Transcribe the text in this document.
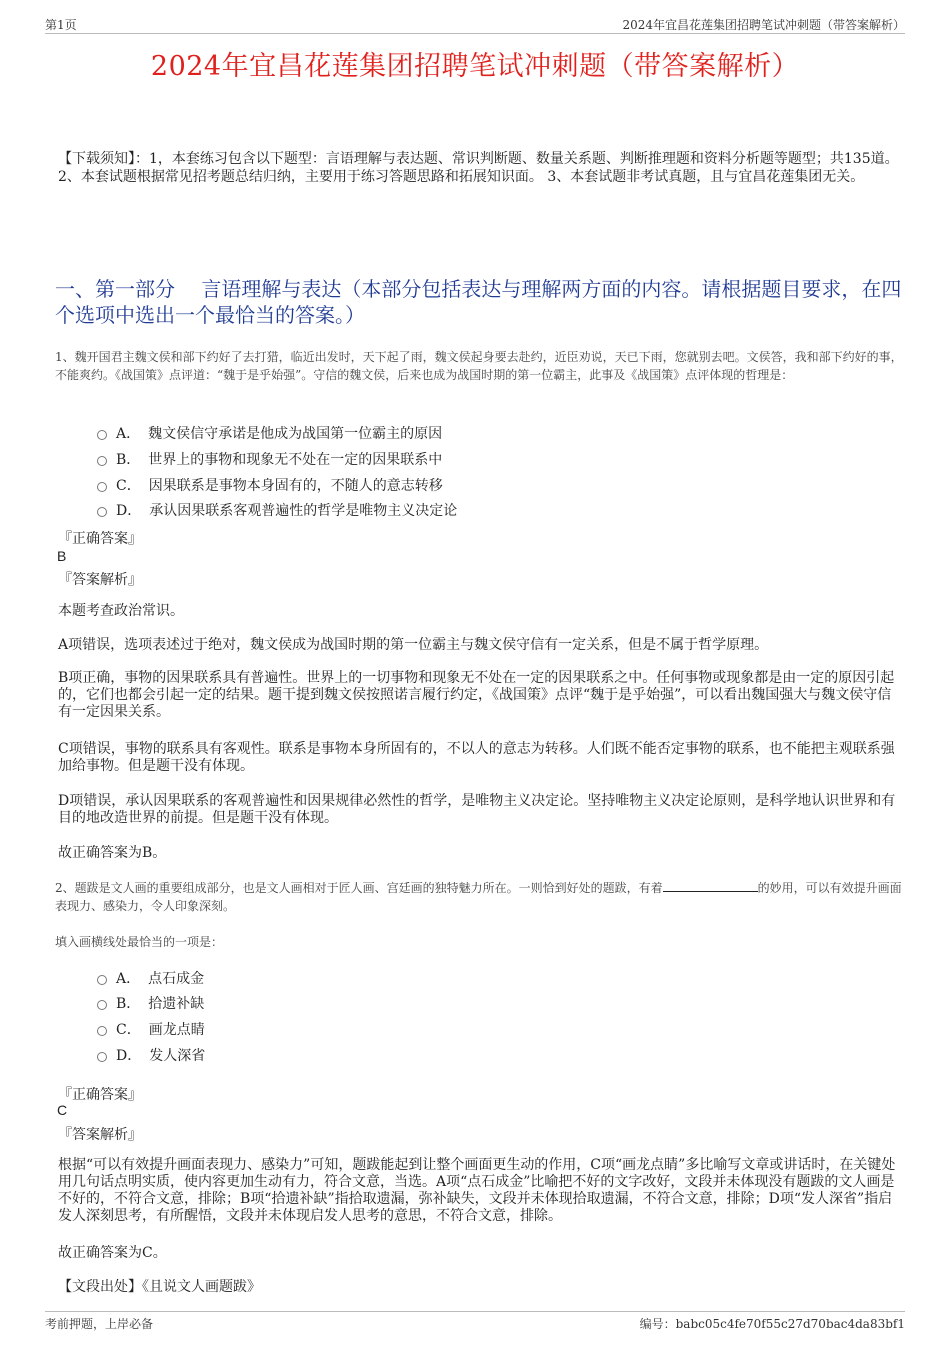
第1页	2024年宜昌花莲集团招聘笔试冲刺题（带答案解析）
2024年宜昌花莲集团招聘笔试冲刺题（带答案解析）
【下载须知】：1，本套练习包含以下题型：言语理解与表达题、常识判断题、数量关系题、判断推理题和资料分析题等题型；共135道。 2、本套试题根据常见招考题总结归纳，主要用于练习答题思路和拓展知识面。 3、本套试题非考试真题，且与宜昌花莲集团无关。
一、第一部分　 言语理解与表达（本部分包括表达与理解两方面的内容。请根据题目要求，在四个选项中选出一个最恰当的答案。）
1、魏开国君主魏文侯和部下约好了去打猎，临近出发时，天下起了雨，魏文侯起身要去赴约，近臣劝说，天已下雨，您就别去吧。文侯答，我和部下约好的事，不能爽约。《战国策》点评道：“魏于是乎始强”。守信的魏文侯，后来也成为战国时期的第一位霸主，此事及《战国策》点评体现的哲理是：
A． 魏文侯信守承诺是他成为战国第一位霸主的原因
B． 世界上的事物和现象无不处在一定的因果联系中
C． 因果联系是事物本身固有的，不随人的意志转移
D． 承认因果联系客观普遍性的哲学是唯物主义决定论
『正确答案』
B
『答案解析』
本题考查政治常识。
A项错误，选项表述过于绝对，魏文侯成为战国时期的第一位霸主与魏文侯守信有一定关系，但是不属于哲学原理。
B项正确，事物的因果联系具有普遍性。世界上的一切事物和现象无不处在一定的因果联系之中。任何事物或现象都是由一定的原因引起的，它们也都会引起一定的结果。题干提到魏文侯按照诺言履行约定，《战国策》点评“魏于是乎始强”，可以看出魏国强大与魏文侯守信有一定因果关系。
C项错误，事物的联系具有客观性。联系是事物本身所固有的，不以人的意志为转移。人们既不能否定事物的联系，也不能把主观联系强加给事物。但是题干没有体现。
D项错误，承认因果联系的客观普遍性和因果规律必然性的哲学，是唯物主义决定论。坚持唯物主义决定论原则，是科学地认识世界和有目的地改造世界的前提。但是题干没有体现。
故正确答案为B。
2、题跋是文人画的重要组成部分，也是文人画相对于匠人画、宫廷画的独特魅力所在。一则恰到好处的题跋，有着	的妙用，可以有效提升画面表现力、感染力，令人印象深刻。
填入画横线处最恰当的一项是：
A． 点石成金
B． 拾遗补缺
C． 画龙点睛
D． 发人深省
『正确答案』
C
『答案解析』
根据“可以有效提升画面表现力、感染力”可知，题跋能起到让整个画面更生动的作用，C项“画龙点睛”多比喻写文章或讲话时，在关键处用几句话点明实质，使内容更加生动有力，符合文意，当选。A项“点石成金”比喻把不好的文字改好，文段并未体现没有题跋的文人画是不好的，不符合文意，排除；B项“拾遗补缺”指拾取遗漏，弥补缺失，文段并未体现拾取遗漏，不符合文意，排除；D项“发人深省”指启发人深刻思考，有所醒悟，文段并未体现启发人思考的意思，不符合文意，排除。
故正确答案为C。
【文段出处】《且说文人画题跋》
考前押题，上岸必备	编号：babc05c4fe70f55c27d70bac4da83bf1
